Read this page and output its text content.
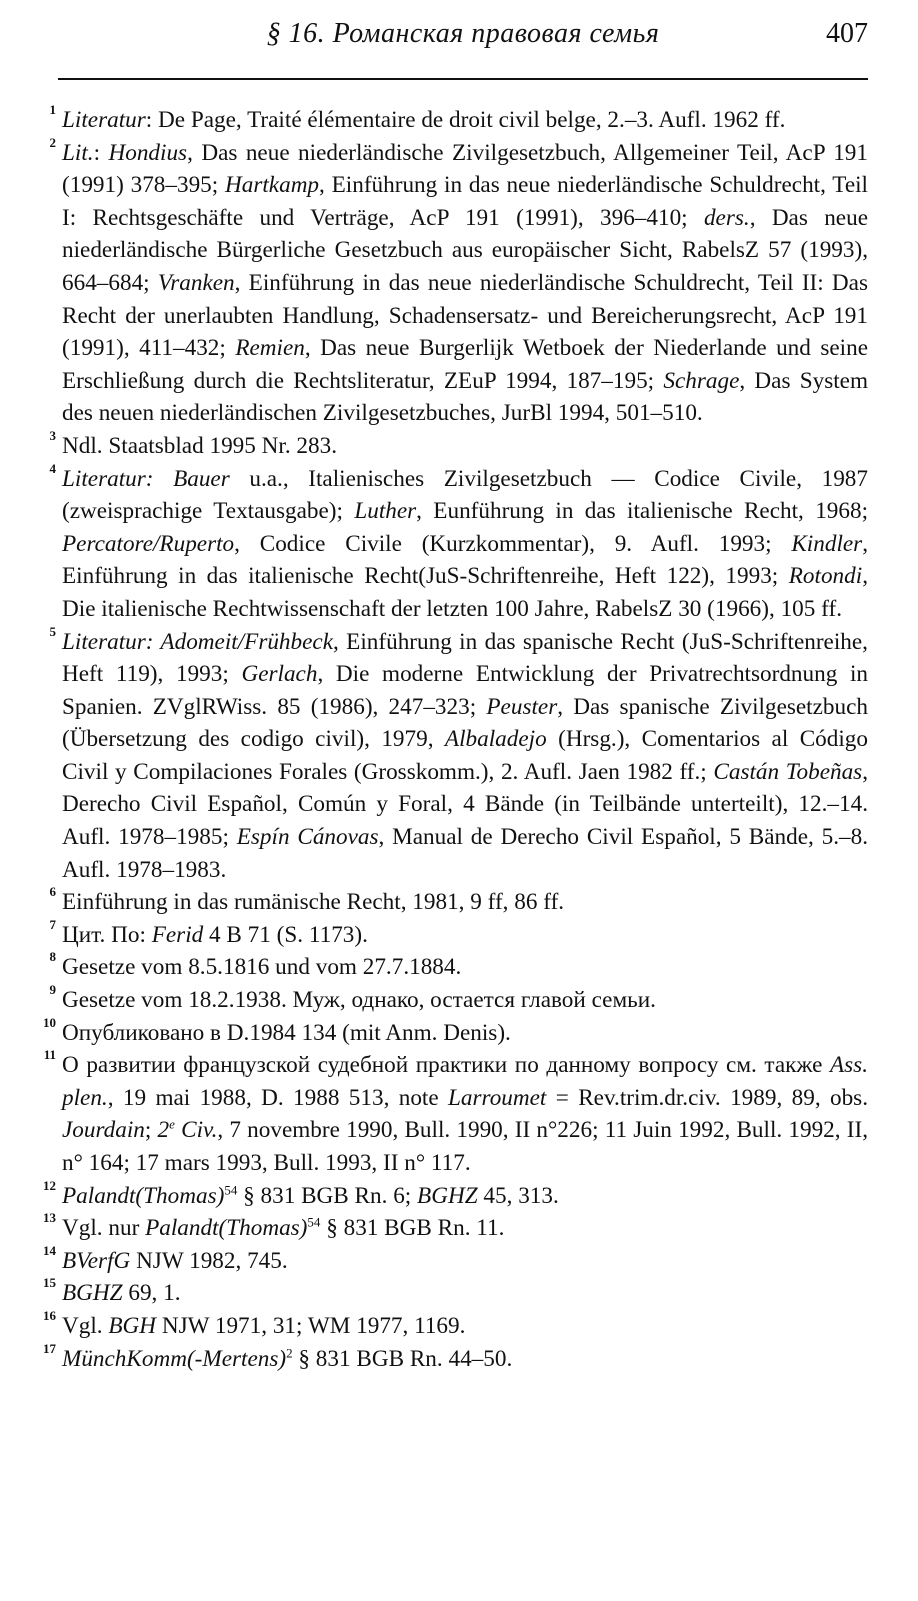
§ 16. Романская правовая семья	407
1 Literatur: De Page, Traité élémentaire de droit civil belge, 2.–3. Aufl. 1962 ff.
2 Lit.: Hondius, Das neue niederländische Zivilgesetzbuch, Allgemeiner Teil, AcP 191 (1991) 378–395; Hartkamp, Einführung in das neue niederländische Schuldrecht, Teil I: Rechtsgeschäfte und Verträge, AcP 191 (1991), 396–410; ders., Das neue niederländische Bürgerliche Gesetzbuch aus europäischer Sicht, RabelsZ 57 (1993), 664–684; Vranken, Einführung in das neue niederländische Schuldrecht, Teil II: Das Recht der unerlaubten Handlung, Schadensersatz- und Bereicherungsrecht, AcP 191 (1991), 411–432; Remien, Das neue Burgerlijk Wetboek der Niederlande und seine Erschließung durch die Rechtsliteratur, ZEuP 1994, 187–195; Schrage, Das System des neuen niederländischen Zivilgesetzbuches, JurBl 1994, 501–510.
3 Ndl. Staatsblad 1995 Nr. 283.
4 Literatur: Bauer u.a., Italienisches Zivilgesetzbuch — Codice Civile, 1987 (zweisprachige Textausgabe); Luther, Eunführung in das italienische Recht, 1968; Percatore/Ruperto, Codice Civile (Kurzkommentar), 9. Aufl. 1993; Kindler, Einführung in das italienische Recht(JuS-Schriftenreihe, Heft 122), 1993; Rotondi, Die italienische Rechtwissenschaft der letzten 100 Jahre, RabelsZ 30 (1966), 105 ff.
5 Literatur: Adomeit/Frühbeck, Einführung in das spanische Recht (JuS-Schriftenreihe, Heft 119), 1993; Gerlach, Die moderne Entwicklung der Privatrechtsordnung in Spanien. ZVglRWiss. 85 (1986), 247–323; Peuster, Das spanische Zivilgesetzbuch (Übersetzung des codigo civil), 1979, Albaladejo (Hrsg.), Comentarios al Código Civil y Compilaciones Forales (Grosskomm.), 2. Aufl. Jaen 1982 ff.; Castán Tobeñas, Derecho Civil Español, Común y Foral, 4 Bände (in Teilbände unterteilt), 12.–14. Aufl. 1978–1985; Espín Cánovas, Manual de Derecho Civil Español, 5 Bände, 5.–8. Aufl. 1978–1983.
6 Einführung in das rumänische Recht, 1981, 9 ff, 86 ff.
7 Цит. По: Ferid 4 B 71 (S. 1173).
8 Gesetze vom 8.5.1816 und vom 27.7.1884.
9 Gesetze vom 18.2.1938. Муж, однако, остается главой семьи.
10 Опубликовано в D.1984 134 (mit Anm. Denis).
11 О развитии французской судебной практики по данному вопросу см. также Ass. plen., 19 mai 1988, D. 1988 513, note Larroumet = Rev.trim.dr.civ. 1989, 89, obs. Jourdain; 2e Civ., 7 novembre 1990, Bull. 1990, II n°226; 11 Juin 1992, Bull. 1992, II, n° 164; 17 mars 1993, Bull. 1993, II n° 117.
12 Palandt(Thomas)$^{54}$ § 831 BGB Rn. 6; BGHZ 45, 313.
13 Vgl. nur Palandt(Thomas)$^{54}$ § 831 BGB Rn. 11.
14 BVerfG NJW 1982, 745.
15 BGHZ 69, 1.
16 Vgl. BGH NJW 1971, 31; WM 1977, 1169.
17 MünchKomm(-Mertens)$^2$ § 831 BGB Rn. 44–50.
